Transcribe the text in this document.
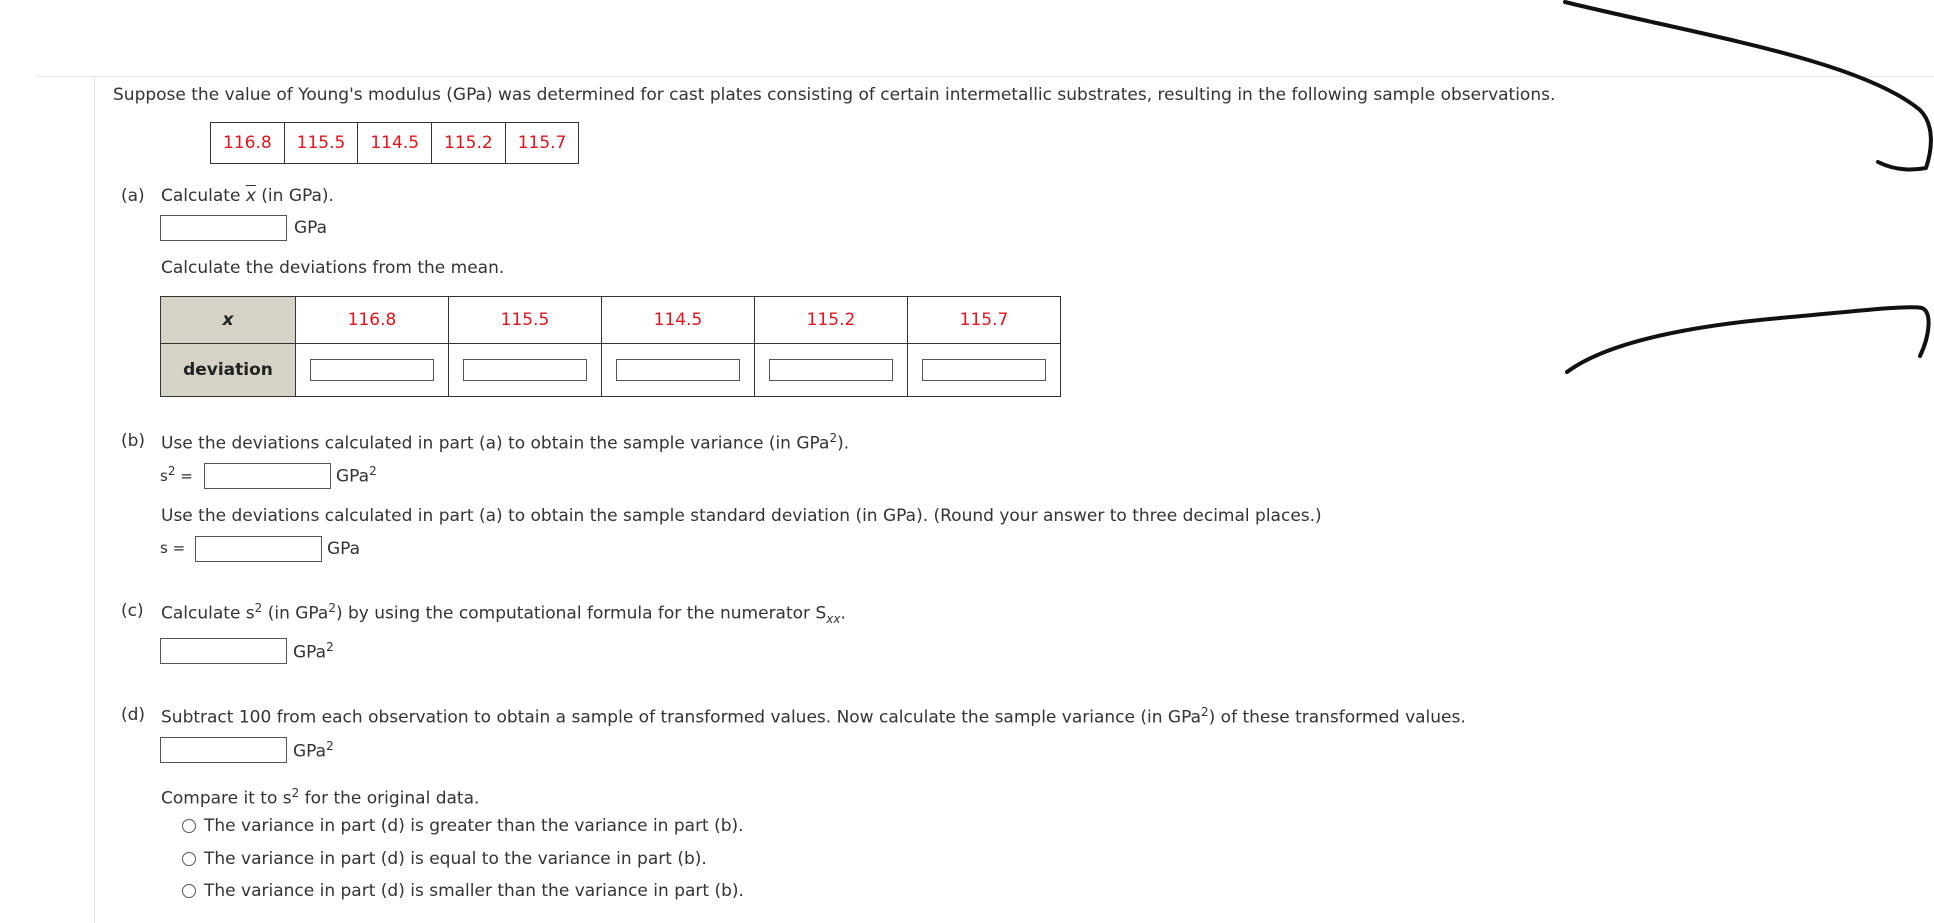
Suppose the value of Young's modulus (GPa) was determined for cast plates consisting of certain intermetallic substrates, resulting in the following sample observations.
116.8	115.5	114.5	115.2	115.7
(a) Calculate $\overline{x}$ (in GPa).
GPa
Calculate the deviations from the mean.
x	116.8	115.5	114.5	115.2	115.7
deviation					
(b) Use the deviations calculated in part (a) to obtain the sample variance (in GPa$^2$).
$s^2$ =	GPa$^2$
Use the deviations calculated in part (a) to obtain the sample standard deviation (in GPa). (Round your answer to three decimal places.)
s =	GPa
(c) Calculate $s^2$ (in GPa$^2$) by using the computational formula for the numerator $S_{xx}$.
GPa$^2$
(d) Subtract 100 from each observation to obtain a sample of transformed values. Now calculate the sample variance (in GPa$^2$) of these transformed values.
GPa$^2$
Compare it to $s^2$ for the original data.
The variance in part (d) is greater than the variance in part (b).
The variance in part (d) is equal to the variance in part (b).
The variance in part (d) is smaller than the variance in part (b).
